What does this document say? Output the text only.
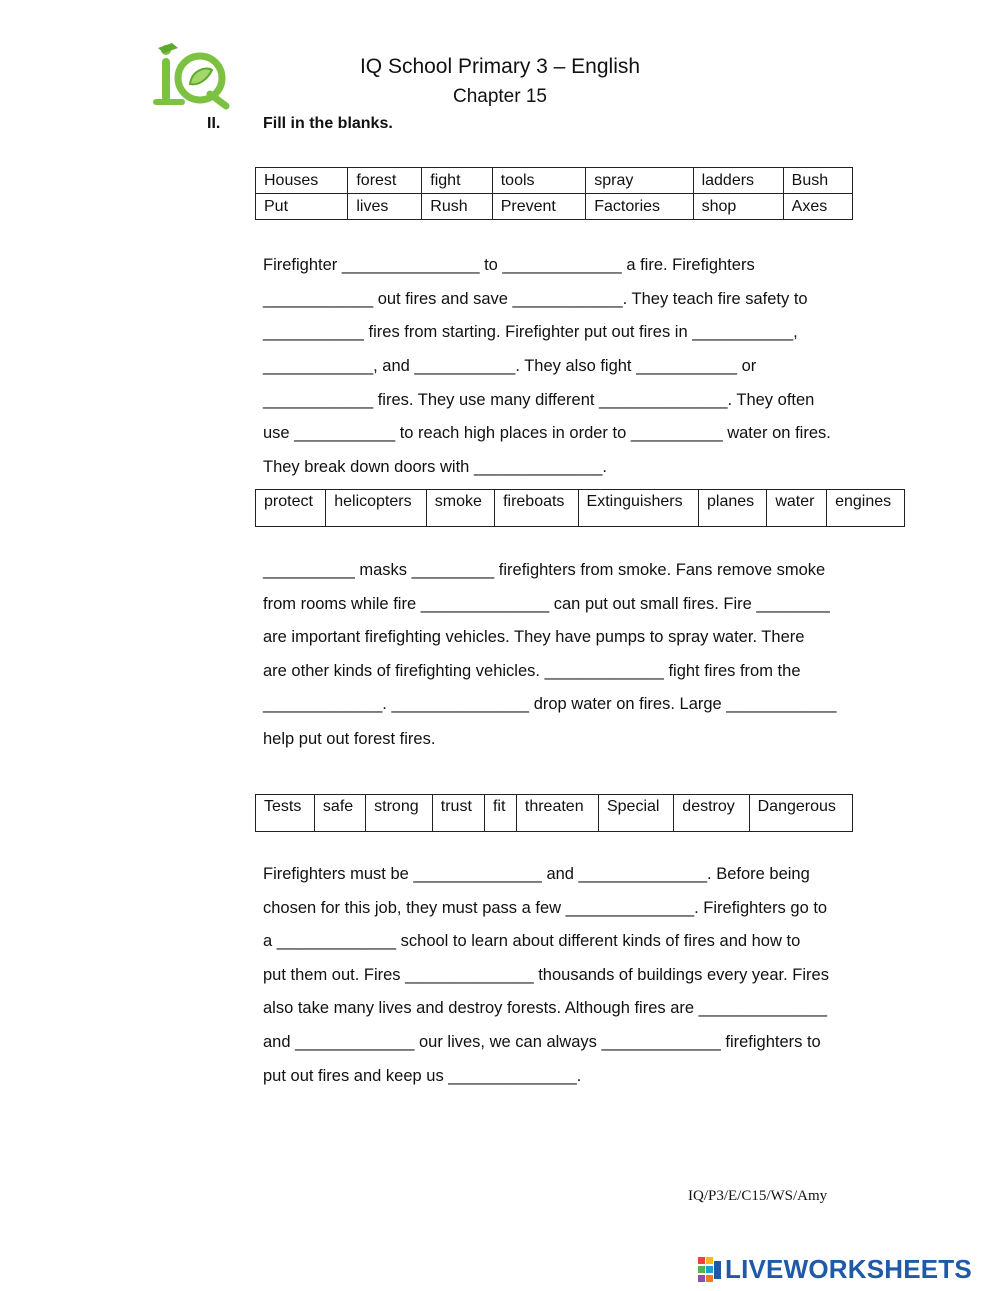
IQ School Primary 3 – English
Chapter 15
II.	Fill in the blanks.
Houses	forest	fight	tools	spray	ladders	Bush
Put	lives	Rush	Prevent	Factories	shop	Axes
Firefighter _______________ to _____________ a fire. Firefighters
____________ out fires and save ____________. They teach fire safety to
___________ fires from starting. Firefighter put out fires in ___________,
____________, and ___________. They also fight ___________ or
____________ fires. They use many different ______________. They often
use ___________ to reach high places in order to __________ water on fires.
They break down doors with ______________.
protect	helicopters	smoke	fireboats	Extinguishers	planes	water	engines
__________ masks _________ firefighters from smoke. Fans remove smoke
from rooms while fire ______________ can put out small fires. Fire ________
are important firefighting vehicles. They have pumps to spray water. There
are other kinds of firefighting vehicles. _____________ fight fires from the
_____________. _______________ drop water on fires. Large ____________
help put out forest fires.
Tests	safe	strong	trust	fit	threaten	Special	destroy	Dangerous
Firefighters must be ______________ and ______________. Before being
chosen for this job, they must pass a few ______________. Firefighters go to
a _____________ school to learn about different kinds of fires and how to
put them out. Fires ______________ thousands of buildings every year. Fires
also take many lives and destroy forests. Although fires are ______________
and _____________ our lives, we can always _____________ firefighters to
put out fires and keep us ______________.
IQ/P3/E/C15/WS/Amy
LIVEWORKSHEETS
